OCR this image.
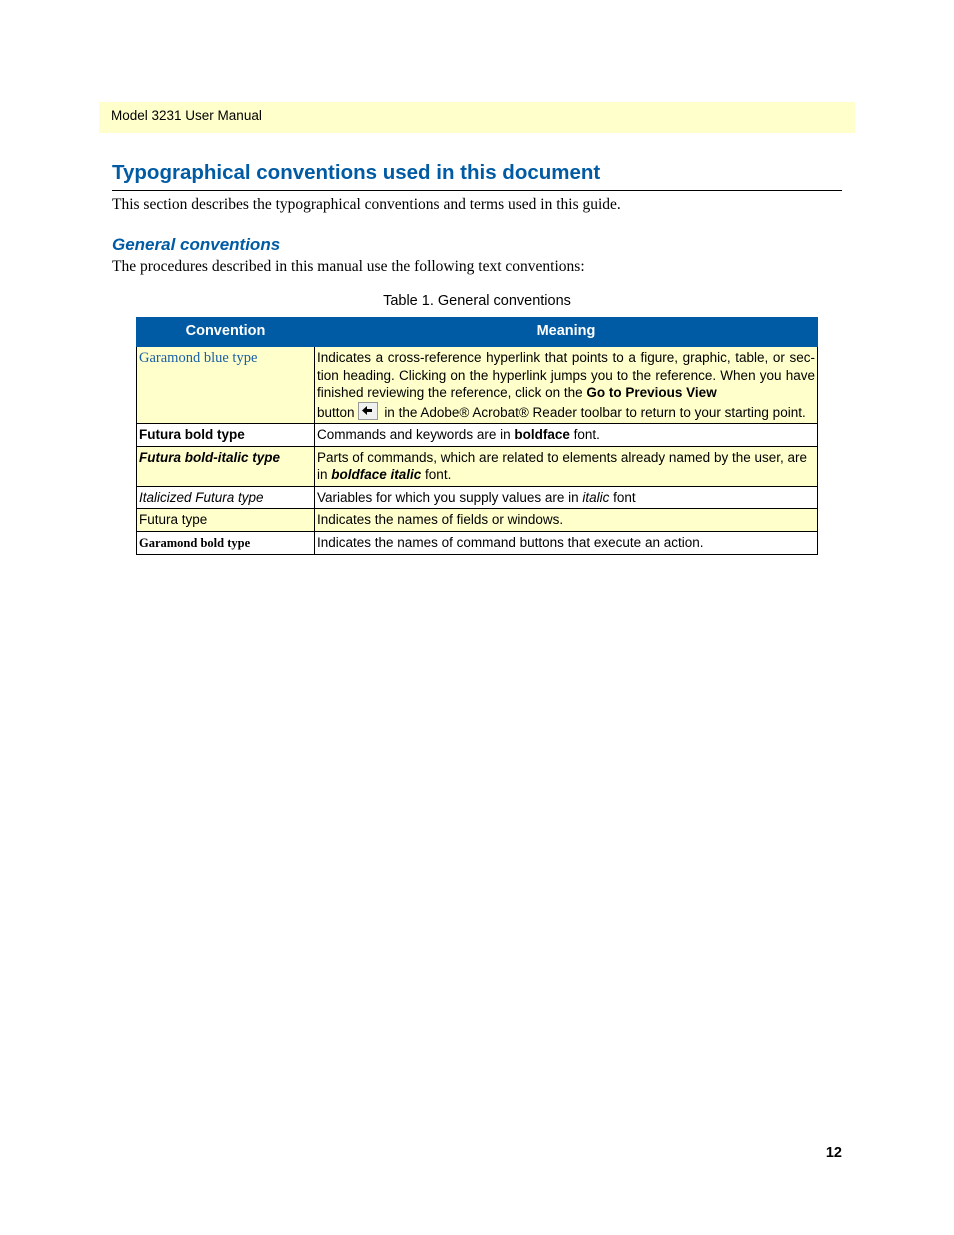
Model 3231 User Manual
Typographical conventions used in this document

This section describes the typographical conventions and terms used in this guide.

General conventions

The procedures described in this manual use the following text conventions:

Table 1. General conventions
Convention	Meaning
Garamond blue type	Indicates a cross-reference hyperlink that points to a figure, graphic, table, or sec-tion heading. Clicking on the hyperlink jumps you to the reference. When you have finished reviewing the reference, click on the Go to Previous View
button in the Adobe® Acrobat® Reader toolbar to return to your starting point.
Futura bold type	Commands and keywords are in boldface font.
Futura bold-italic type	Parts of commands, which are related to elements already named by the user, are in boldface italic font.
Italicized Futura type	Variables for which you supply values are in italic font
Futura type	Indicates the names of fields or windows.
Garamond bold type	Indicates the names of command buttons that execute an action.
12
